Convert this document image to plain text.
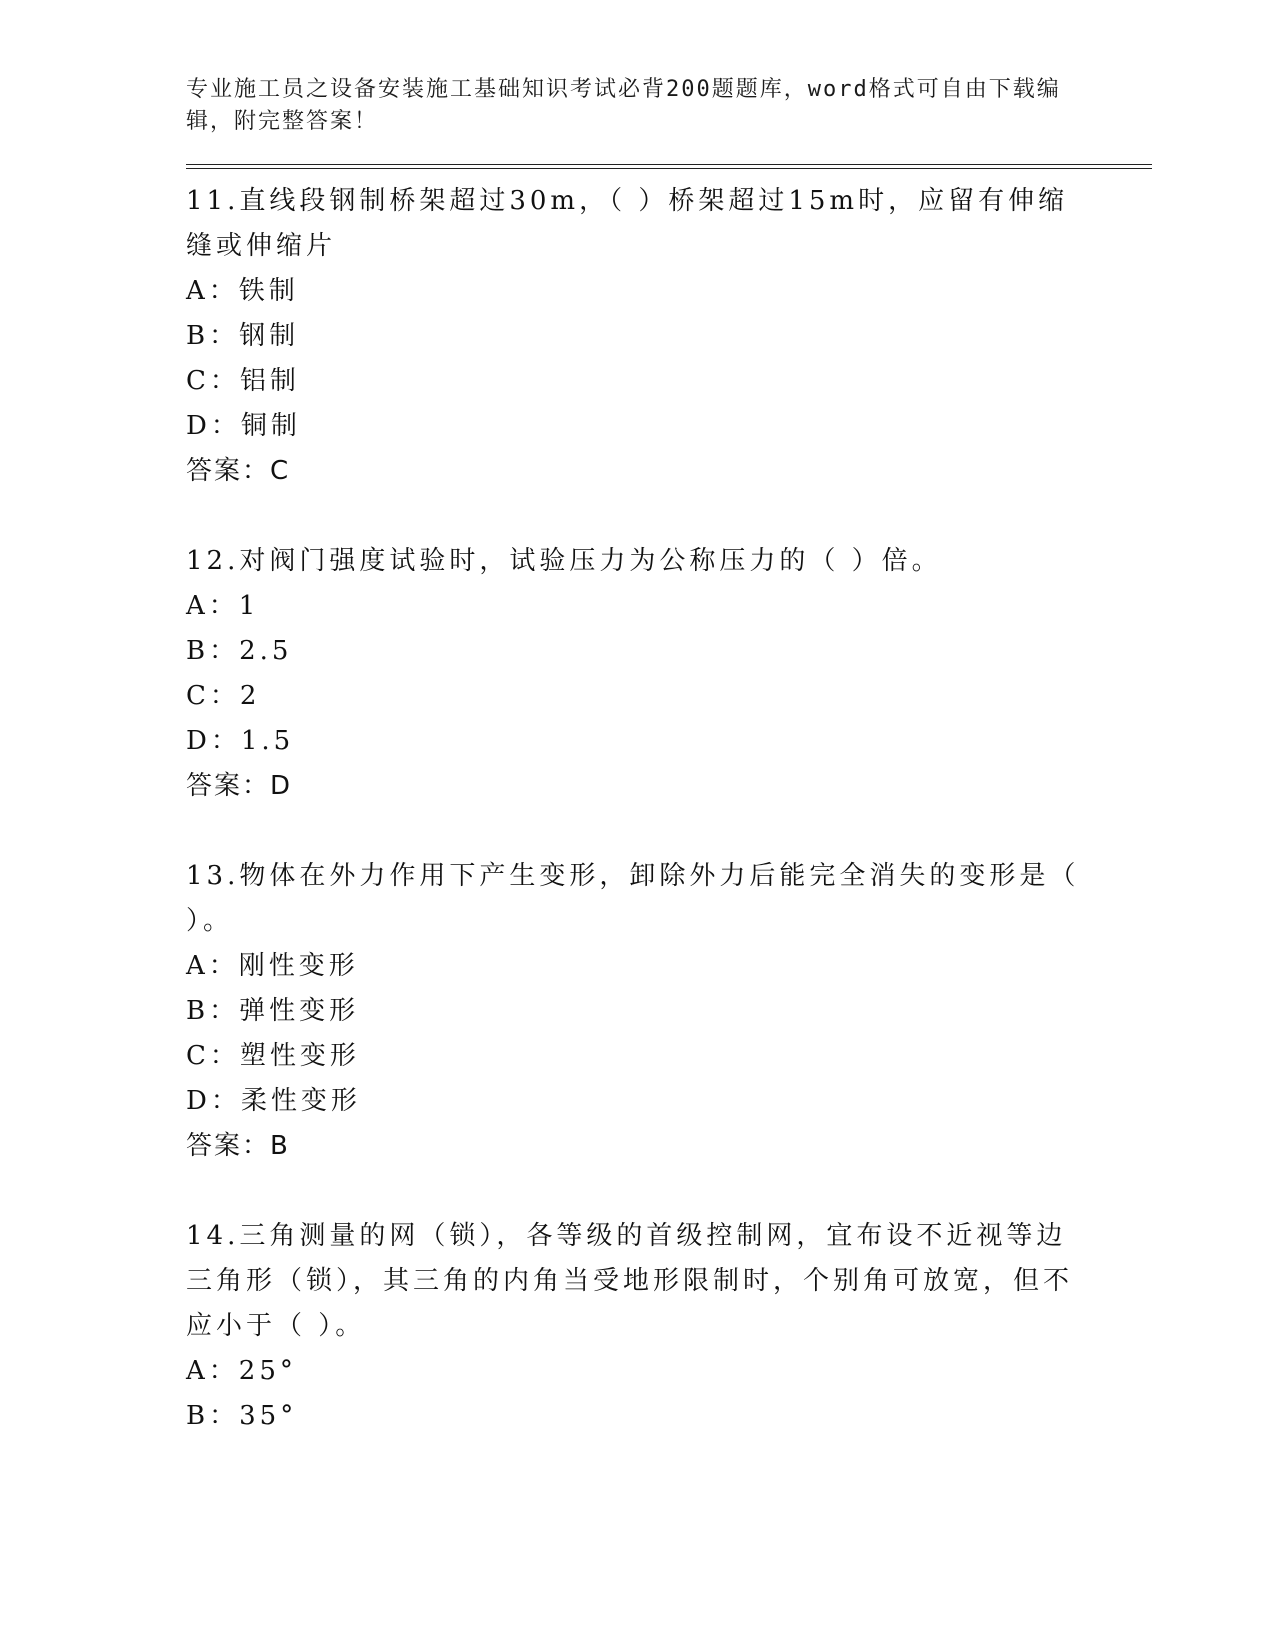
专业施工员之设备安装施工基础知识考试必背200题题库，word格式可自由下载编辑，附完整答案！
11.直线段钢制桥架超过30m，（ ）桥架超过15m时，应留有伸缩缝或伸缩片
A：铁制
B：钢制
C：铝制
D：铜制
答案：C
12.对阀门强度试验时，试验压力为公称压力的（ ）倍。
A：1
B：2.5
C：2
D：1.5
答案：D
13.物体在外力作用下产生变形，卸除外力后能完全消失的变形是（ ）。
A：刚性变形
B：弹性变形
C：塑性变形
D：柔性变形
答案：B
14.三角测量的网（锁），各等级的首级控制网，宜布设不近视等边三角形（锁），其三角的内角当受地形限制时，个别角可放宽，但不应小于（ ）。
A：25°
B：35°
